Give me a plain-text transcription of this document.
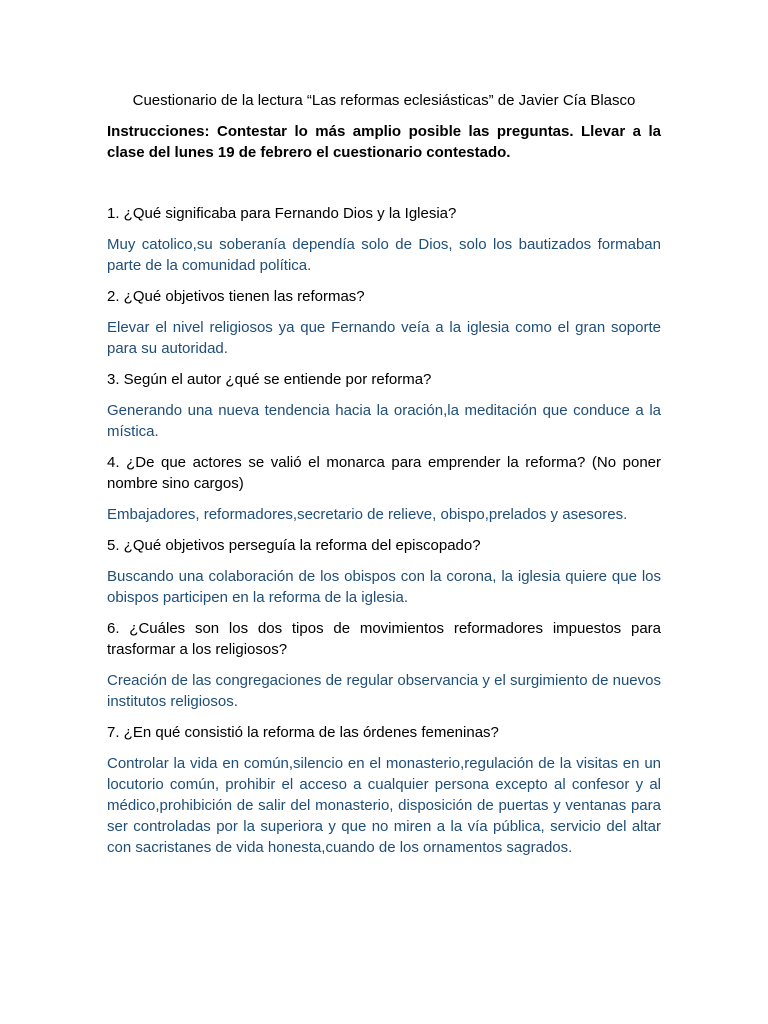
Cuestionario de la lectura “Las reformas eclesiásticas” de Javier Cía Blasco
Instrucciones: Contestar lo más amplio posible las preguntas. Llevar a la clase del lunes 19 de febrero el cuestionario contestado.

1. ¿Qué significaba para Fernando Dios y la Iglesia?

Muy catolico,su soberanía dependía solo de Dios, solo los bautizados formaban parte de la comunidad política.

2. ¿Qué objetivos tienen las reformas?

Elevar el nivel religiosos ya que Fernando veía a la iglesia como el gran soporte para su autoridad.

3. Según el autor ¿qué se entiende por reforma?

Generando una nueva tendencia hacia la oración,la meditación que conduce a la mística.

4. ¿De que actores se valió el monarca para emprender la reforma? (No poner nombre sino cargos)

Embajadores, reformadores,secretario de relieve, obispo,prelados y asesores.

5. ¿Qué objetivos perseguía la reforma del episcopado?

Buscando una colaboración de los obispos con la corona, la iglesia quiere que los obispos participen en la reforma de la iglesia.

6. ¿Cuáles son los dos tipos de movimientos reformadores impuestos para trasformar a los religiosos?

Creación de las congregaciones de regular observancia y el surgimiento de nuevos institutos religiosos.

7. ¿En qué consistió la reforma de las órdenes femeninas?

Controlar la vida en común,silencio en el monasterio,regulación de la visitas en un locutorio común, prohibir el acceso a cualquier persona excepto al confesor y al médico,prohibición de salir del monasterio, disposición de puertas y ventanas para ser controladas por la superiora y que no miren a la vía pública, servicio del altar con sacristanes de vida honesta,cuando de los ornamentos sagrados.
